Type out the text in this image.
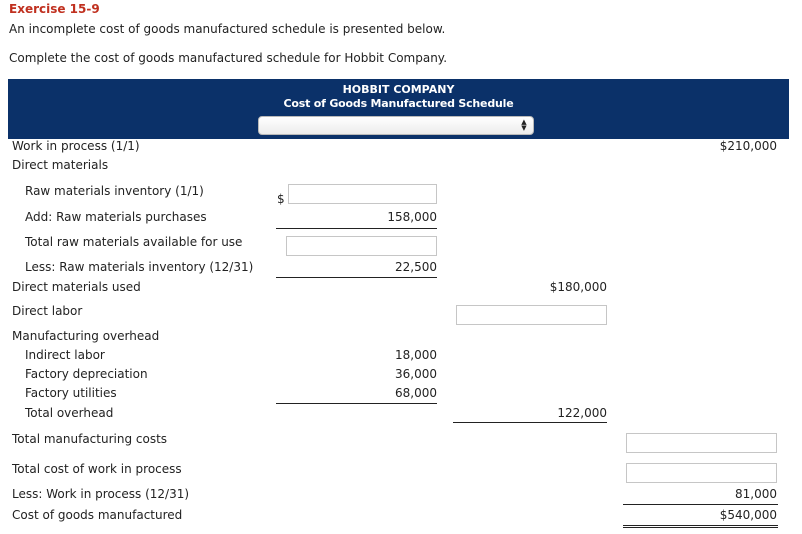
Exercise 15-9
An incomplete cost of goods manufactured schedule is presented below.
Complete the cost of goods manufactured schedule for Hobbit Company.
HOBBIT COMPANY
Cost of Goods Manufactured Schedule
▲
▼
Work in process (1/1)	$210,000
Direct materials
Raw materials inventory (1/1)
$
Add: Raw materials purchases	158,000
Total raw materials available for use
Less: Raw materials inventory (12/31)	22,500
Direct materials used	$180,000
Direct labor
Manufacturing overhead
Indirect labor	18,000
Factory depreciation	36,000
Factory utilities	68,000
Total overhead	122,000
Total manufacturing costs
Total cost of work in process
Less: Work in process (12/31)	81,000
Cost of goods manufactured	$540,000
